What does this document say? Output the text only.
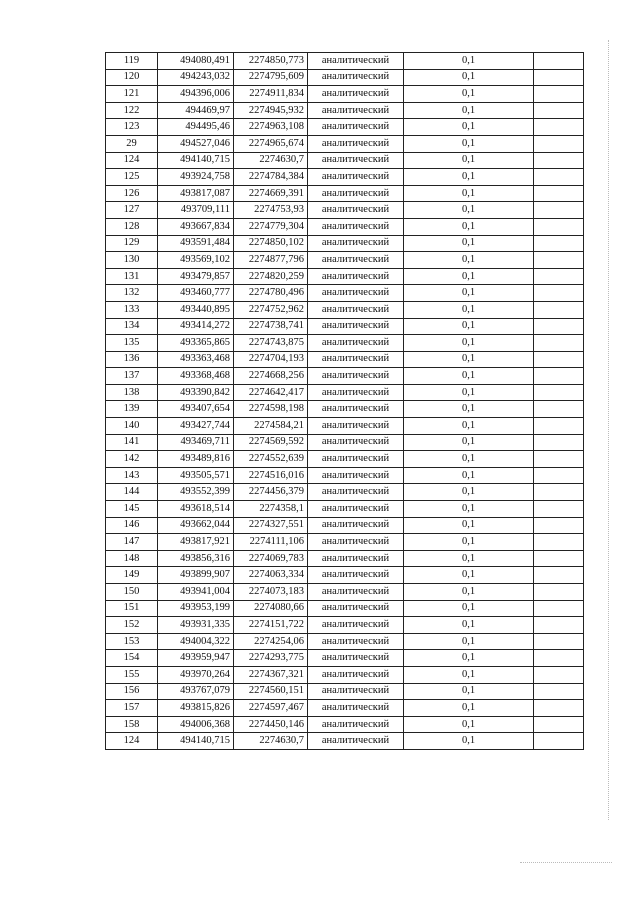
119	494080,491	2274850,773	аналитический	0,1	
120	494243,032	2274795,609	аналитический	0,1	
121	494396,006	2274911,834	аналитический	0,1	
122	494469,97	2274945,932	аналитический	0,1	
123	494495,46	2274963,108	аналитический	0,1	
29	494527,046	2274965,674	аналитический	0,1	
124	494140,715	2274630,7	аналитический	0,1	
125	493924,758	2274784,384	аналитический	0,1	
126	493817,087	2274669,391	аналитический	0,1	
127	493709,111	2274753,93	аналитический	0,1	
128	493667,834	2274779,304	аналитический	0,1	
129	493591,484	2274850,102	аналитический	0,1	
130	493569,102	2274877,796	аналитический	0,1	
131	493479,857	2274820,259	аналитический	0,1	
132	493460,777	2274780,496	аналитический	0,1	
133	493440,895	2274752,962	аналитический	0,1	
134	493414,272	2274738,741	аналитический	0,1	
135	493365,865	2274743,875	аналитический	0,1	
136	493363,468	2274704,193	аналитический	0,1	
137	493368,468	2274668,256	аналитический	0,1	
138	493390,842	2274642,417	аналитический	0,1	
139	493407,654	2274598,198	аналитический	0,1	
140	493427,744	2274584,21	аналитический	0,1	
141	493469,711	2274569,592	аналитический	0,1	
142	493489,816	2274552,639	аналитический	0,1	
143	493505,571	2274516,016	аналитический	0,1	
144	493552,399	2274456,379	аналитический	0,1	
145	493618,514	2274358,1	аналитический	0,1	
146	493662,044	2274327,551	аналитический	0,1	
147	493817,921	2274111,106	аналитический	0,1	
148	493856,316	2274069,783	аналитический	0,1	
149	493899,907	2274063,334	аналитический	0,1	
150	493941,004	2274073,183	аналитический	0,1	
151	493953,199	2274080,66	аналитический	0,1	
152	493931,335	2274151,722	аналитический	0,1	
153	494004,322	2274254,06	аналитический	0,1	
154	493959,947	2274293,775	аналитический	0,1	
155	493970,264	2274367,321	аналитический	0,1	
156	493767,079	2274560,151	аналитический	0,1	
157	493815,826	2274597,467	аналитический	0,1	
158	494006,368	2274450,146	аналитический	0,1	
124	494140,715	2274630,7	аналитический	0,1	
